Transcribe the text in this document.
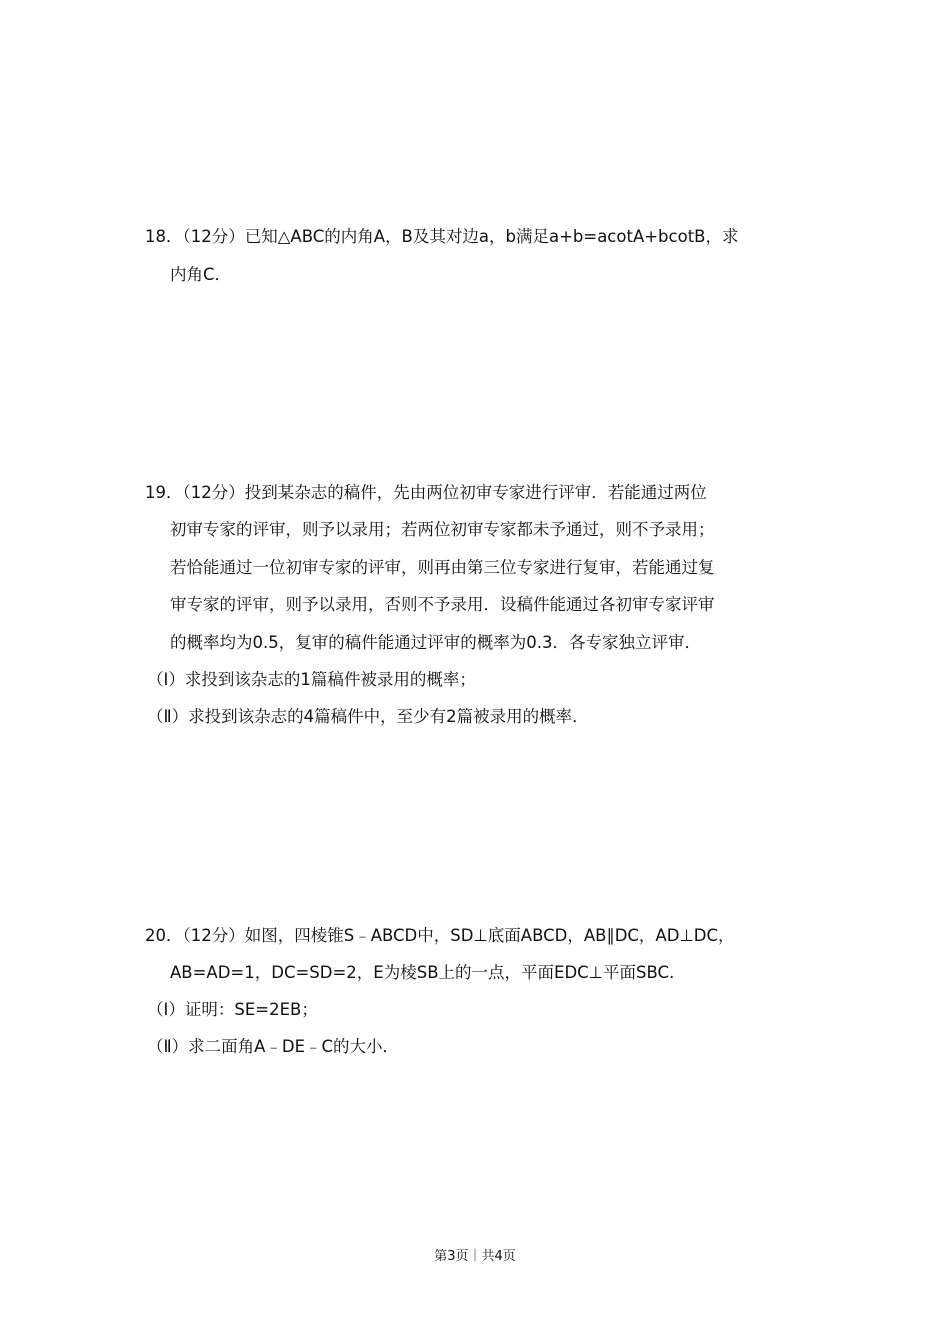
18．（12分）已知△ABC的内角A，B及其对边a，b满足a+b=acotA+bcotB，求
内角C．
19．（12分）投到某杂志的稿件，先由两位初审专家进行评审．若能通过两位
初审专家的评审，则予以录用；若两位初审专家都未予通过，则不予录用；
若恰能通过一位初审专家的评审，则再由第三位专家进行复审，若能通过复
审专家的评审，则予以录用，否则不予录用．设稿件能通过各初审专家评审
的概率均为0.5，复审的稿件能通过评审的概率为0.3．各专家独立评审．
（Ⅰ）求投到该杂志的1篇稿件被录用的概率；
（Ⅱ）求投到该杂志的4篇稿件中，至少有2篇被录用的概率．
20．（12分）如图，四棱锥S﹣ABCD中，SD⊥底面ABCD，AB∥DC，AD⊥DC，
AB=AD=1，DC=SD=2，E为棱SB上的一点，平面EDC⊥平面SBC．
（Ⅰ）证明：SE=2EB；
（Ⅱ）求二面角A﹣DE﹣C的大小．
第3页｜共4页
